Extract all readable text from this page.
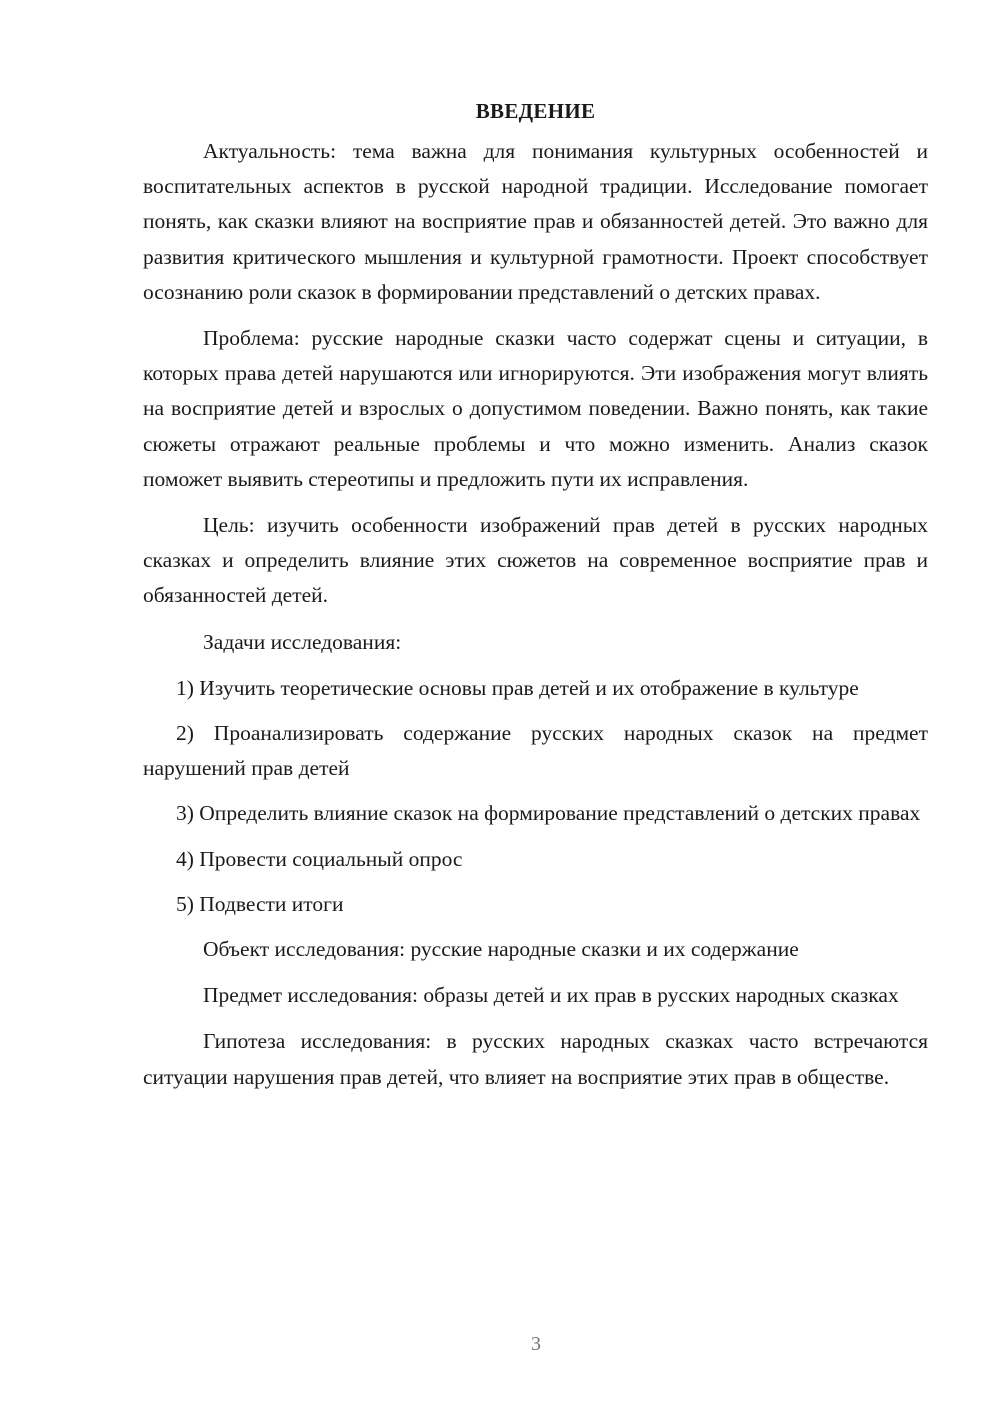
ВВЕДЕНИЕ

Актуальность: тема важна для понимания культурных особенностей и воспитательных аспектов в русской народной традиции. Исследование помогает понять, как сказки влияют на восприятие прав и обязанностей детей. Это важно для развития критического мышления и культурной грамотности. Проект способствует осознанию роли сказок в формировании представлений о детских правах.

Проблема: русские народные сказки часто содержат сцены и ситуации, в которых права детей нарушаются или игнорируются. Эти изображения могут влиять на восприятие детей и взрослых о допустимом поведении. Важно понять, как такие сюжеты отражают реальные проблемы и что можно изменить. Анализ сказок поможет выявить стереотипы и предложить пути их исправления.

Цель: изучить особенности изображений прав детей в русских народных сказках и определить влияние этих сюжетов на современное восприятие прав и обязанностей детей.

Задачи исследования:

1) Изучить теоретические основы прав детей и их отображение в культуре

2) Проанализировать содержание русских народных сказок на предмет нарушений прав детей

3) Определить влияние сказок на формирование представлений о детских правах

4) Провести социальный опрос

5) Подвести итоги

Объект исследования: русские народные сказки и их содержание

Предмет исследования: образы детей и их прав в русских народных сказках

Гипотеза исследования: в русских народных сказках часто встречаются ситуации нарушения прав детей, что влияет на восприятие этих прав в обществе.

3
